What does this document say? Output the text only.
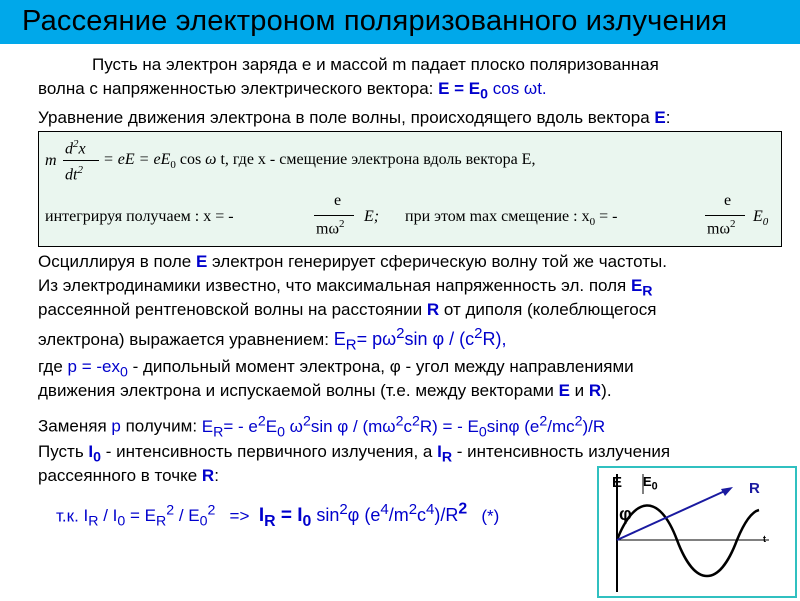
Рассеяние электроном поляризованного излучения
Пусть на электрон заряда e и массой m падает плоско поляризованная
волна с напряженностью электрического вектора: $E = E_0$ cos ωt.
Уравнение движения электрона в поле волны, происходящего вдоль вектора E:
m
$d^2x$
$dt^2$
= eE = $eE_0$ cos ω t, где x - смещение электрона вдоль вектора E,
интегрируя получаем : x = -
e
$m\omega^2$ E; при этом max смещение : $x_0$ = -
e
$m\omega^2$ $E_0$
Осциллируя в поле E электрон генерирует сферическую волну той же частоты.
Из электродинамики известно, что максимальная напряженность эл. поля $E_R$
рассеянной рентгеновской волны на расстоянии R от диполя (колеблющегося
электрона) выражается уравнением: $E_R= p\omega^2\sin$ φ / $(c^2R)$,
где $p = -ex_0$ - дипольный момент электрона, φ - угол между направлениями
движения электрона и испускаемой волны (т.е. между векторами E и R).
Заменяя p получим: $E_R= - e^2E_0$ $\omega^2\sin$ φ / $(m\omega^2c^2R)$ = - $E_0\sin\varphi$ $(e^2/mc^2)/R$
Пусть $I_0$ - интенсивность первичного излучения, а $I_R$ - интенсивность излучения
рассеянного в точке R:
т.к. $I_R / I_0 = E_R^2 / E_0^2 => I_R = I_0$ $\sin^2\varphi$ $(e^4/m^2c^4)/R^2$   (*)
E $E_0$	R
φ
t
